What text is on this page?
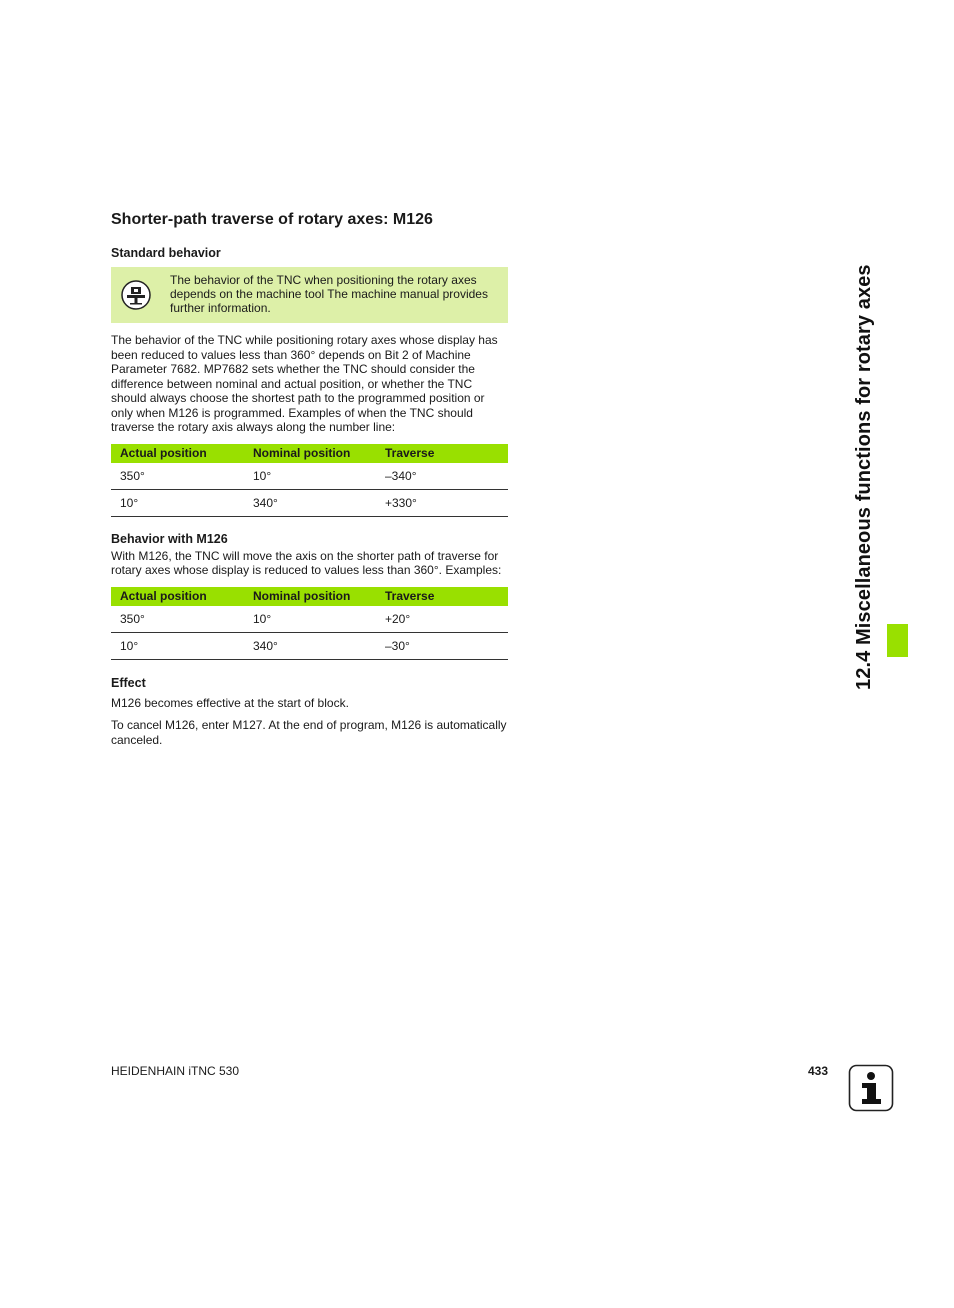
Shorter-path traverse of rotary axes: M126
Standard behavior

The behavior of the TNC when positioning the rotary axes depends on the machine tool The machine manual provides further information.

The behavior of the TNC while positioning rotary axes whose display has been reduced to values less than 360° depends on Bit 2 of Machine Parameter 7682. MP7682 sets whether the TNC should consider the difference between nominal and actual position, or whether the TNC should always choose the shortest path to the programmed position or only when M126 is programmed. Examples of when the TNC should traverse the rotary axis always along the number line:

Actual position	Nominal position	Traverse
350°	10°	–340°
10°	340°	+330°
Behavior with M126

With M126, the TNC will move the axis on the shorter path of traverse for rotary axes whose display is reduced to values less than 360°. Examples:

Actual position	Nominal position	Traverse
350°	10°	+20°
10°	340°	–30°
Effect

M126 becomes effective at the start of block.

To cancel M126, enter M127. At the end of program, M126 is automatically canceled.

12.4 Miscellaneous functions for rotary axes
HEIDENHAIN iTNC 530	433
